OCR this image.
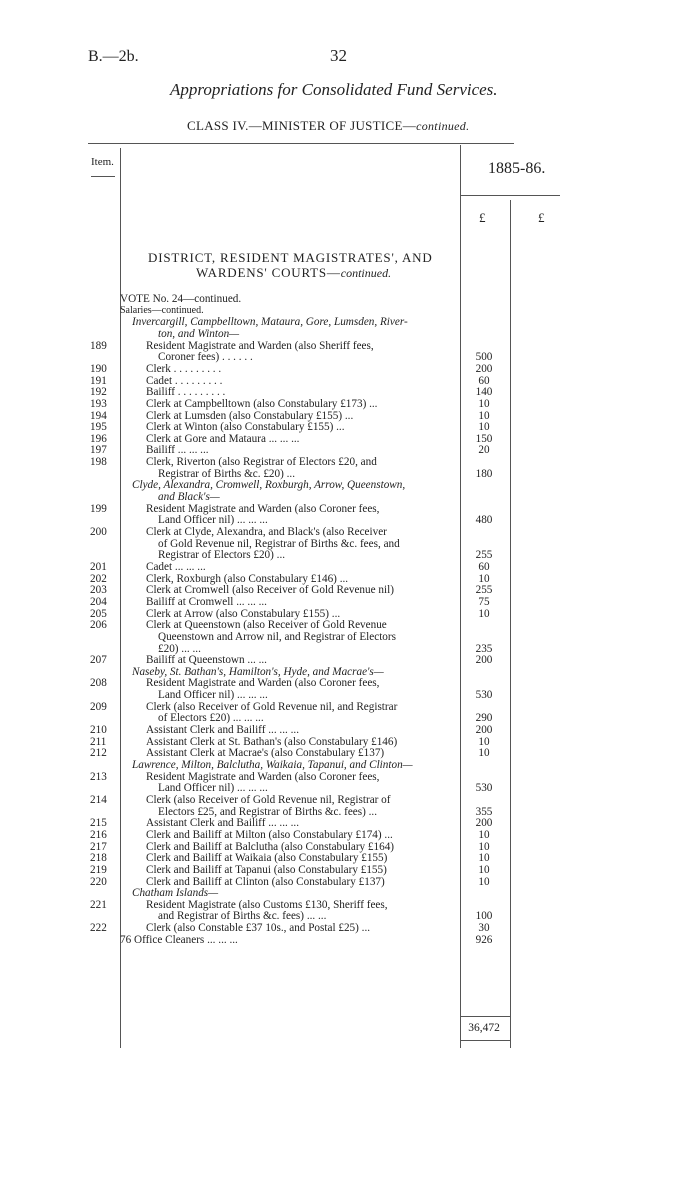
B.—2b.	32
Appropriations for Consolidated Fund Services.
CLASS IV.—MINISTER OF JUSTICE—continued.
Item.	1885-86.
£	£
DISTRICT, RESIDENT MAGISTRATES', AND
WARDENS' COURTS—continued.
VOTE No. 24—continued.
Salaries—continued.
Invercargill, Campbelltown, Mataura, Gore, Lumsden, River-
ton, and Winton—
189	Resident Magistrate and Warden (also Sheriff fees,
Coroner fees) . . . . . .	500
190	Clerk . . . . . . . . .	200
191	Cadet . . . . . . . . .	60
192	Bailiff . . . . . . . . .	140
193	Clerk at Campbelltown (also Constabulary £173) ...	10
194	Clerk at Lumsden (also Constabulary £155) ...	10
195	Clerk at Winton (also Constabulary £155) ...	10
196	Clerk at Gore and Mataura ... ... ...	150
197	Bailiff ... ... ...	20
198	Clerk, Riverton (also Registrar of Electors £20, and
Registrar of Births &c. £20) ...	180
Clyde, Alexandra, Cromwell, Roxburgh, Arrow, Queenstown,
and Black's—
199	Resident Magistrate and Warden (also Coroner fees,
Land Officer nil) ... ... ...	480
200	Clerk at Clyde, Alexandra, and Black's (also Receiver
of Gold Revenue nil, Registrar of Births &c. fees, and
Registrar of Electors £20) ...	255
201	Cadet ... ... ...	60
202	Clerk, Roxburgh (also Constabulary £146) ...	10
203	Clerk at Cromwell (also Receiver of Gold Revenue nil)	255
204	Bailiff at Cromwell ... ... ...	75
205	Clerk at Arrow (also Constabulary £155) ...	10
206	Clerk at Queenstown (also Receiver of Gold Revenue
Queenstown and Arrow nil, and Registrar of Electors
£20) ... ...	235
207	Bailiff at Queenstown ... ...	200
Naseby, St. Bathan's, Hamilton's, Hyde, and Macrae's—
208	Resident Magistrate and Warden (also Coroner fees,
Land Officer nil) ... ... ...	530
209	Clerk (also Receiver of Gold Revenue nil, and Registrar
of Electors £20) ... ... ...	290
210	Assistant Clerk and Bailiff ... ... ...	200
211	Assistant Clerk at St. Bathan's (also Constabulary £146)	10
212	Assistant Clerk at Macrae's (also Constabulary £137)	10
Lawrence, Milton, Balclutha, Waikaia, Tapanui, and Clinton—
213	Resident Magistrate and Warden (also Coroner fees,
Land Officer nil) ... ... ...	530
214	Clerk (also Receiver of Gold Revenue nil, Registrar of
Electors £25, and Registrar of Births &c. fees) ...	355
215	Assistant Clerk and Bailiff ... ... ...	200
216	Clerk and Bailiff at Milton (also Constabulary £174) ...	10
217	Clerk and Bailiff at Balclutha (also Constabulary £164)	10
218	Clerk and Bailiff at Waikaia (also Constabulary £155)	10
219	Clerk and Bailiff at Tapanui (also Constabulary £155)	10
220	Clerk and Bailiff at Clinton (also Constabulary £137)	10
Chatham Islands—
221	Resident Magistrate (also Customs £130, Sheriff fees,
and Registrar of Births &c. fees) ... ...	100
222	Clerk (also Constable £37 10s., and Postal £25) ...	30
76 Office Cleaners ... ... ...	926
36,472
